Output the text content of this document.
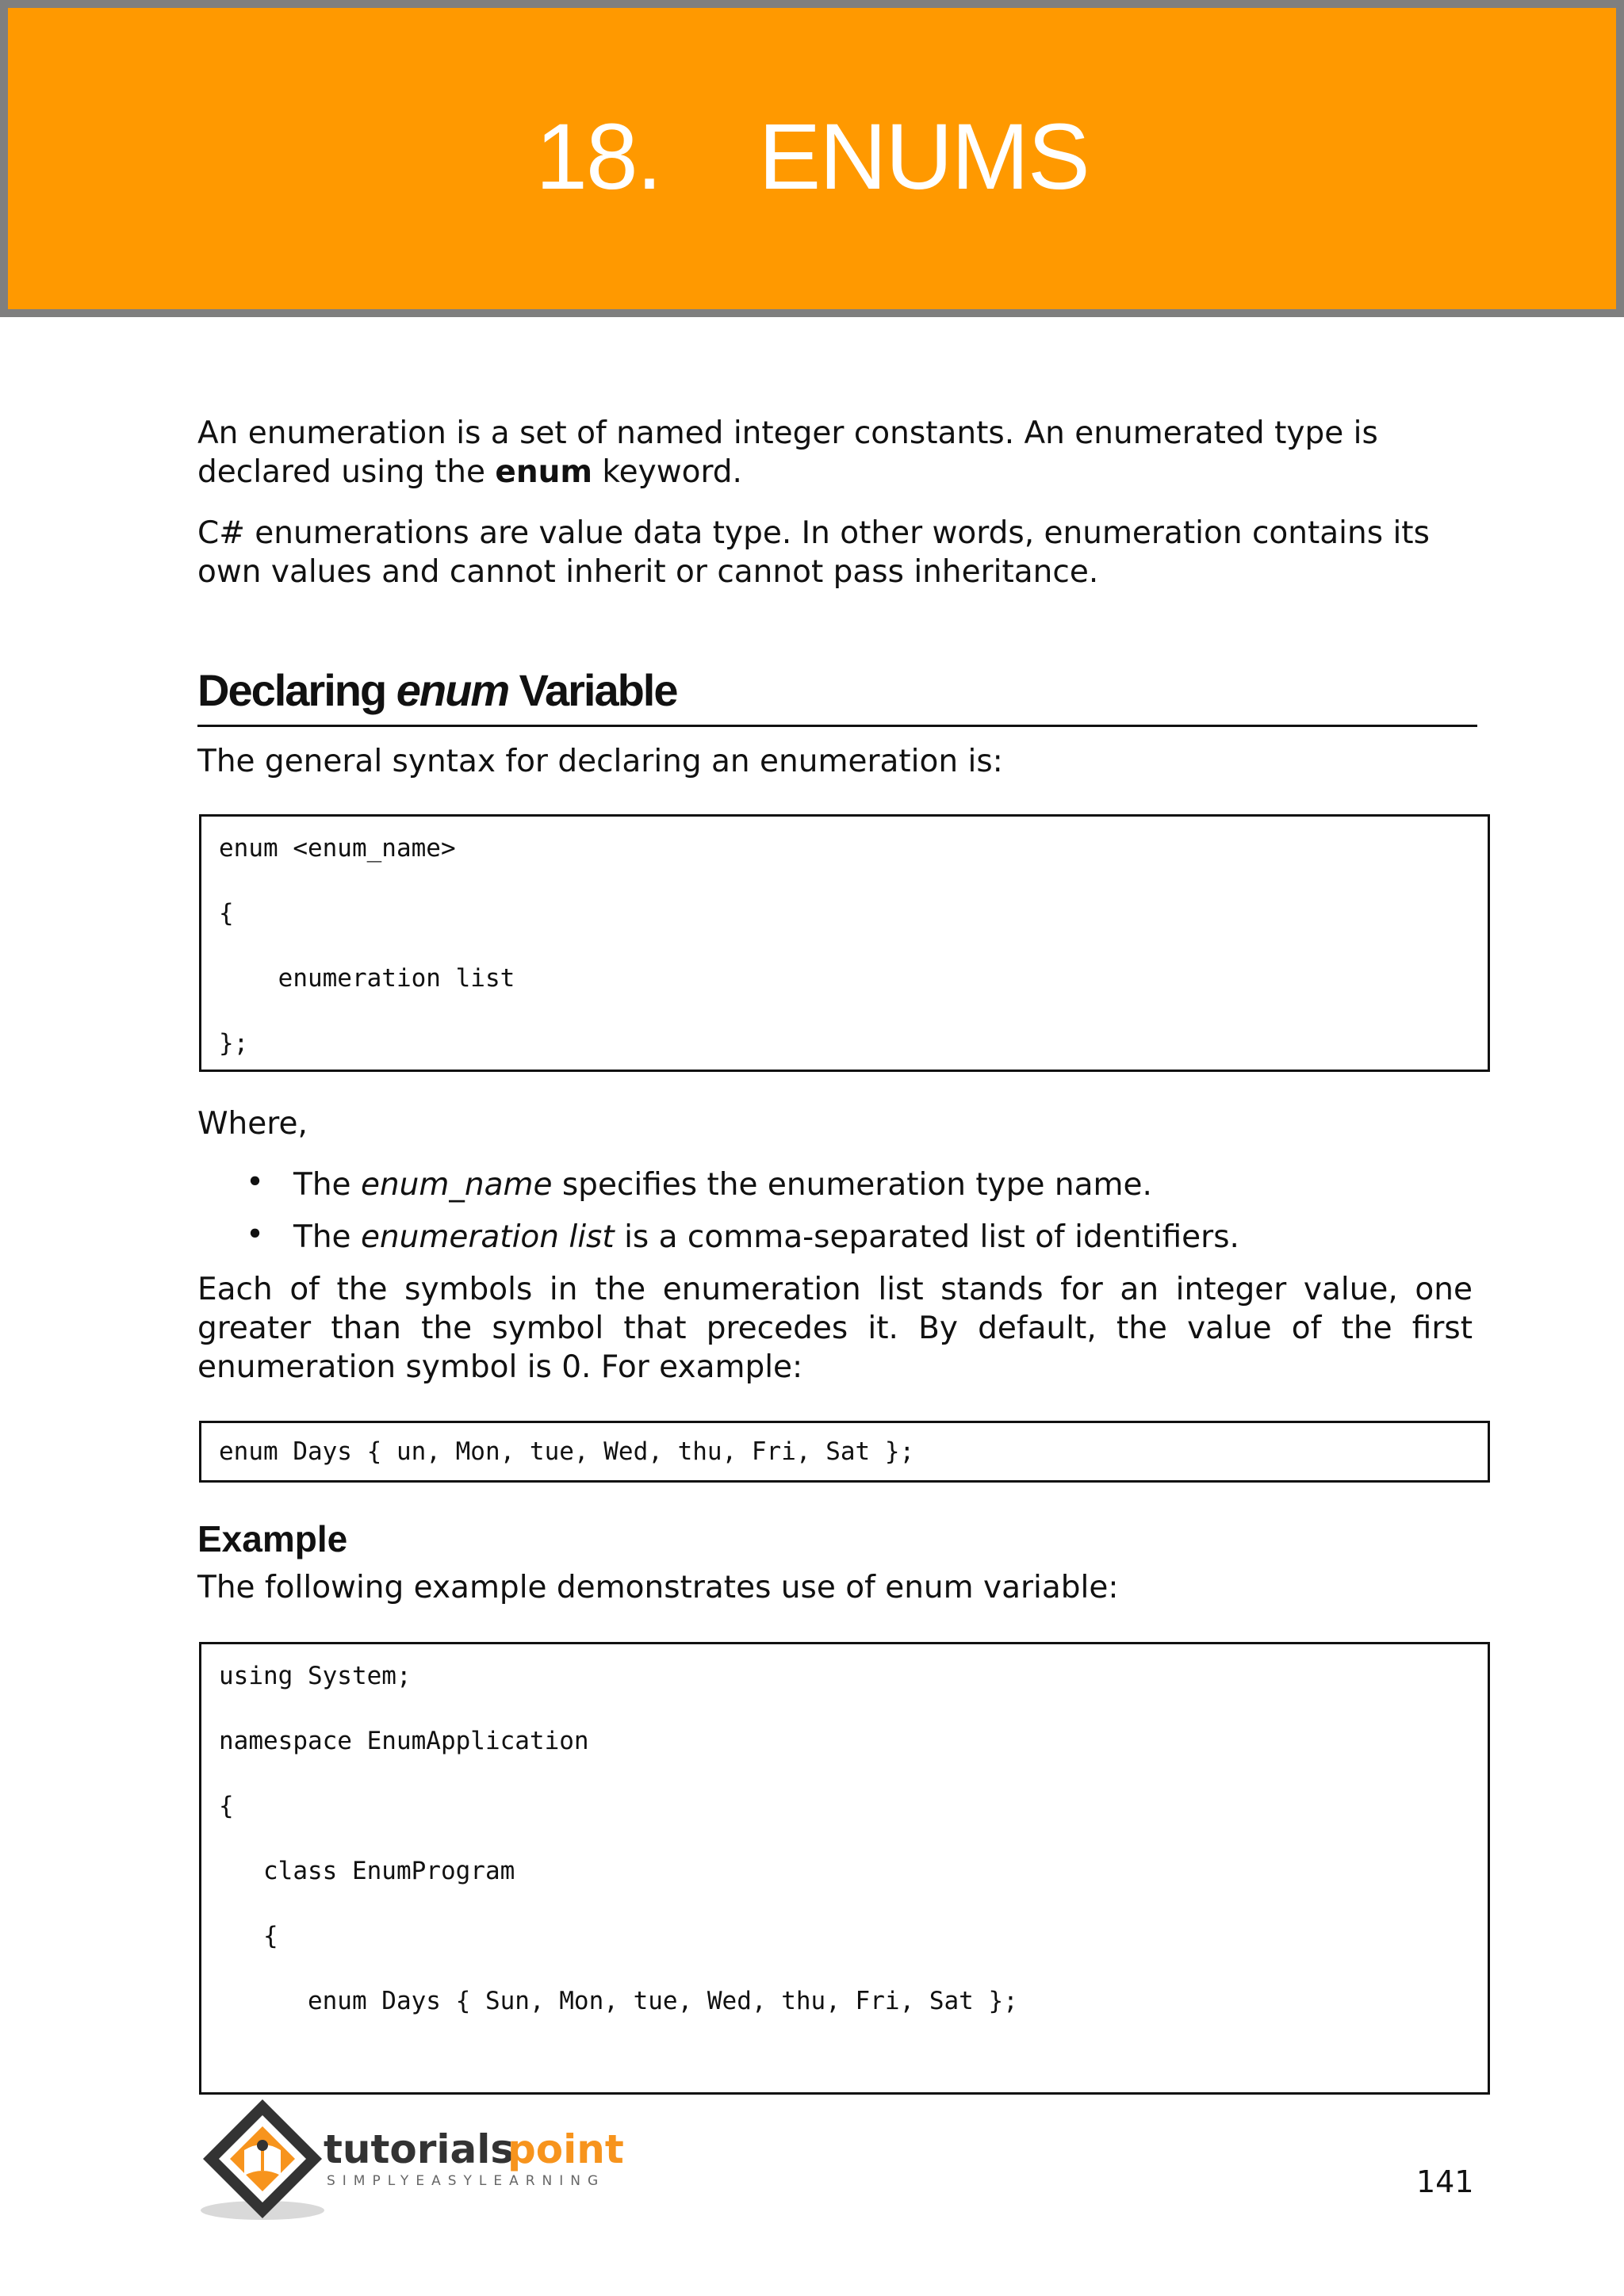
18.    ENUMS

An enumeration is a set of named integer constants. An enumerated type is declared using the enum keyword.

C# enumerations are value data type. In other words, enumeration contains its own values and cannot inherit or cannot pass inheritance.

Declaring enum Variable

The general syntax for declaring an enumeration is:

enum <enum_name>
{
enumeration list
};

Where,

• The enum_name specifies the enumeration type name.
• The enumeration list is a comma-separated list of identifiers.

Each of the symbols in the enumeration list stands for an integer value, one greater than the symbol that precedes it. By default, the value of the first enumeration symbol is 0. For example:

enum Days { un, Mon, tue, Wed, thu, Fri, Sat };
Example

The following example demonstrates use of enum variable:

using System;
namespace EnumApplication
{
class EnumProgram
{
enum Days { Sun, Mon, tue, Wed, thu, Fri, Sat };
tutorials
point
SIMPLYEASYLEARNING	141
